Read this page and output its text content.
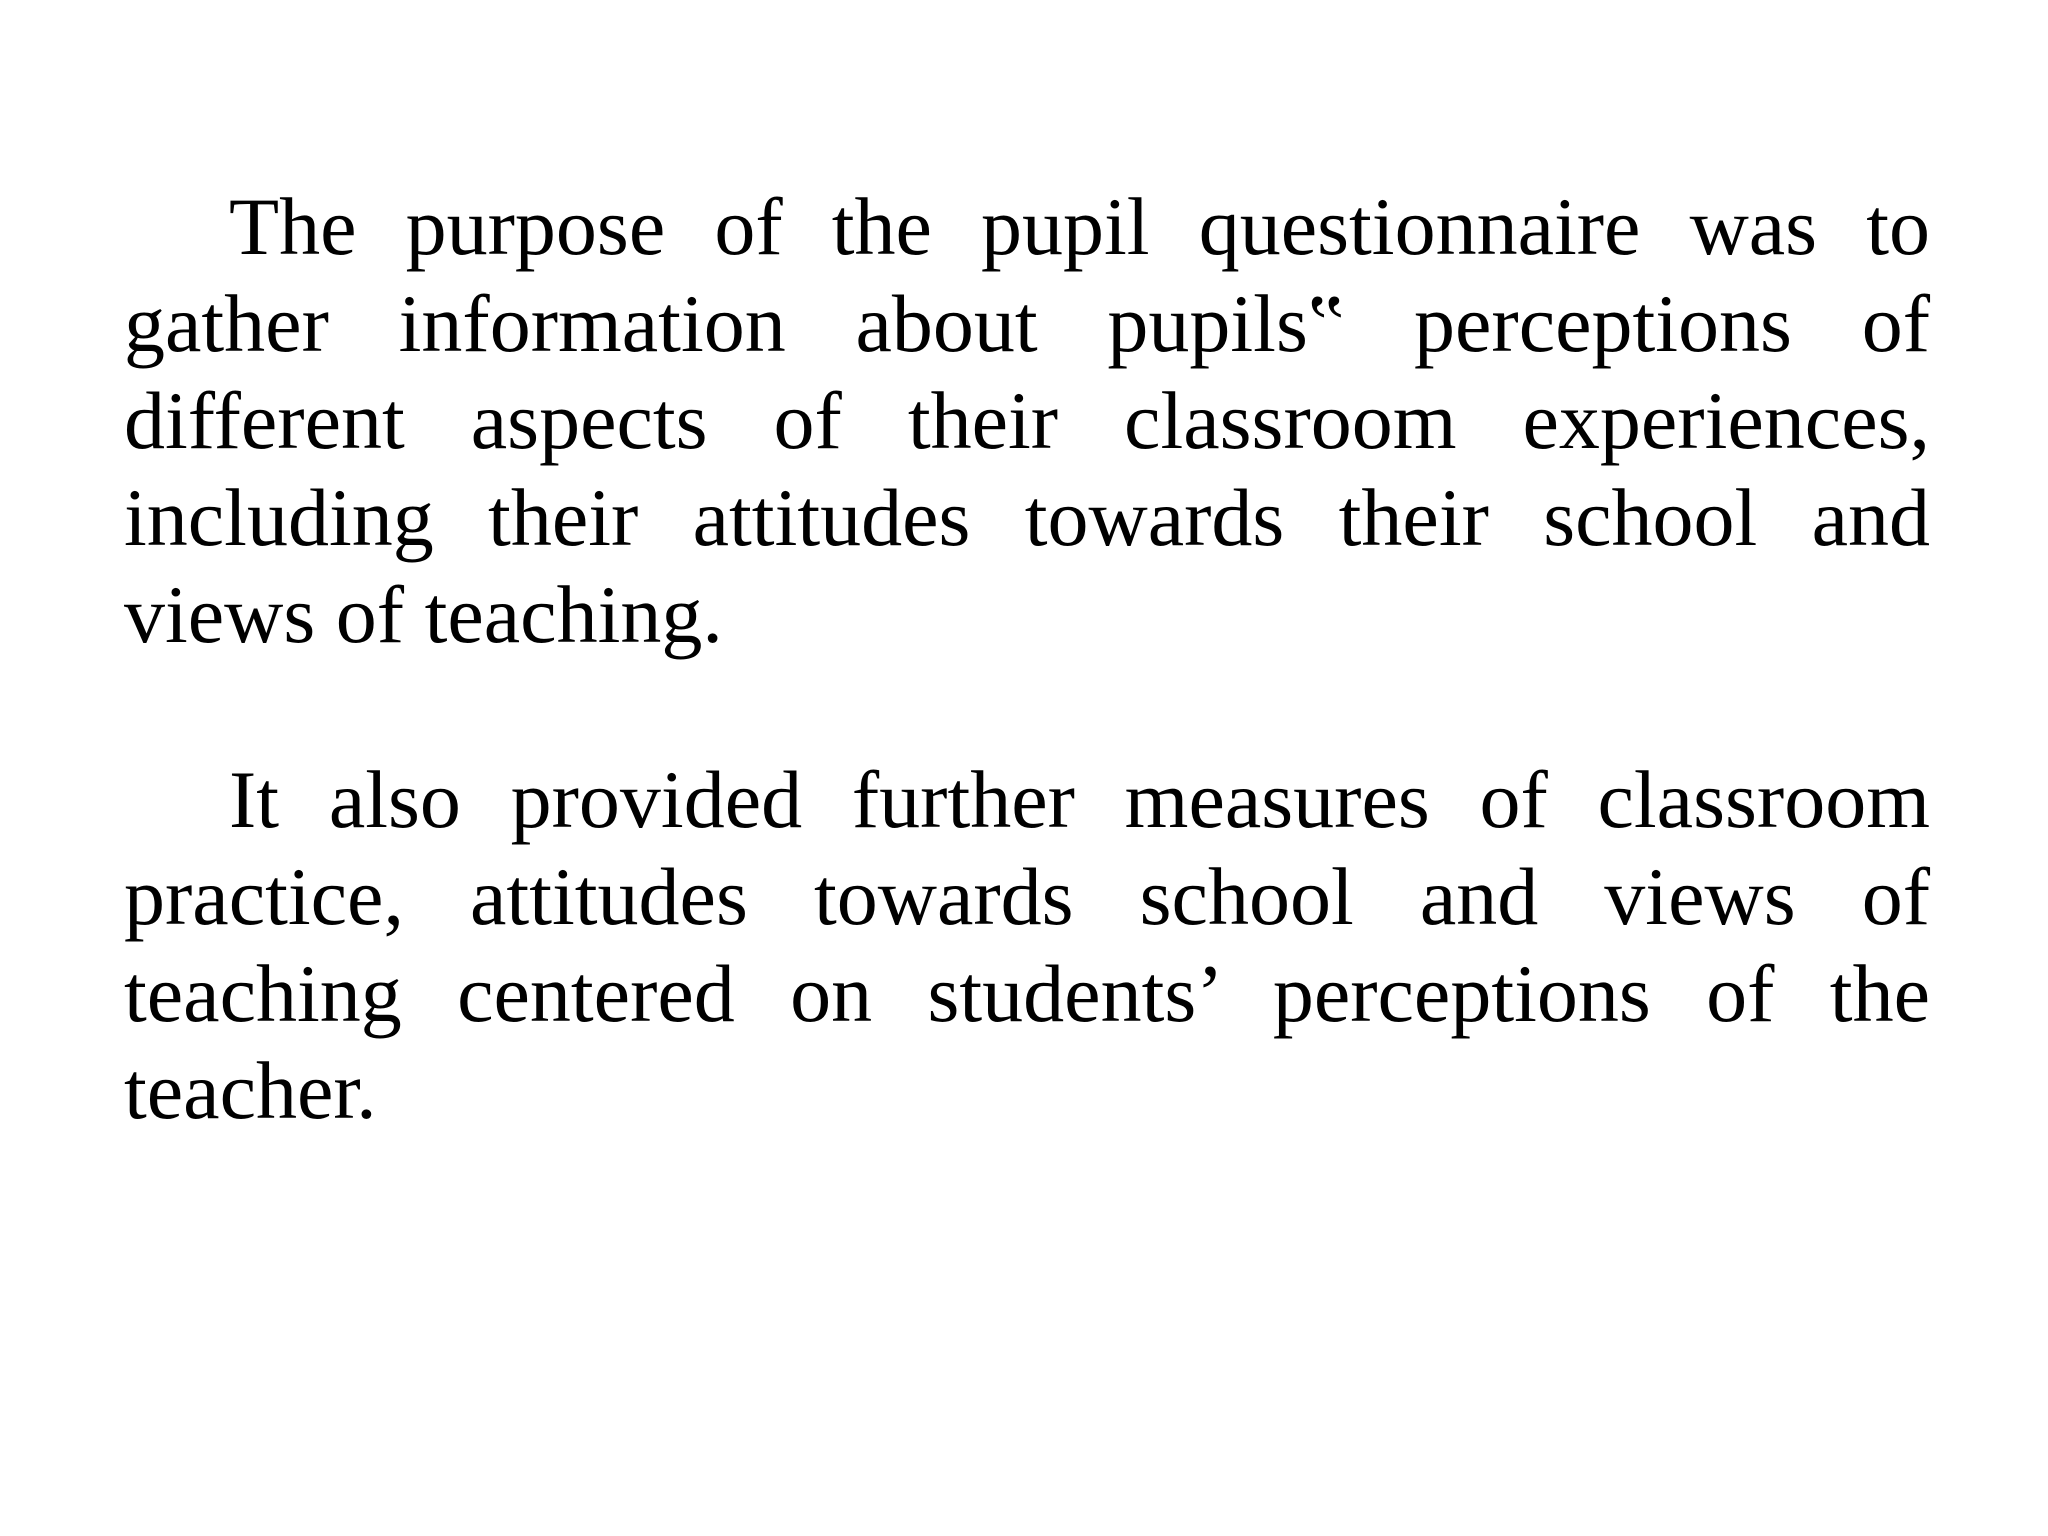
The purpose of the pupil questionnaire was to gather information about pupils‟ perceptions of different aspects of their classroom experiences, including their attitudes towards their school and views of teaching.

It also provided further measures of classroom practice, attitudes towards school and views of teaching centered on students’ perceptions of the teacher.
